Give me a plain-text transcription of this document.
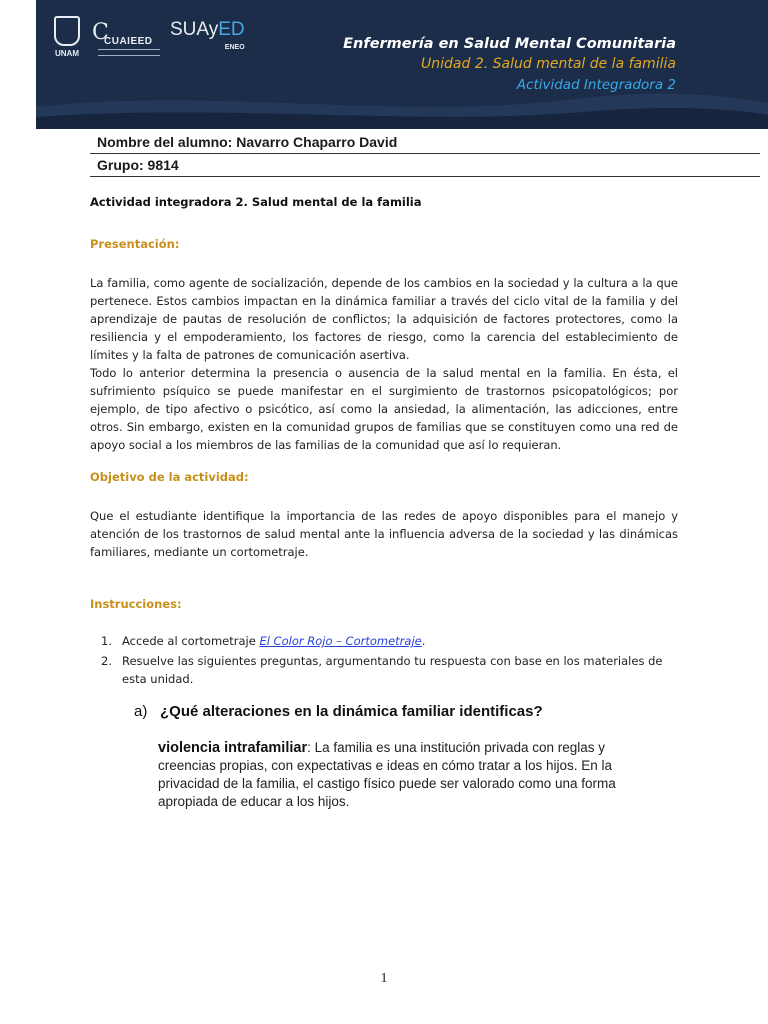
UNAM
C
CUAIEED
SUAyED
ENEO	Enfermería en Salud Mental Comunitaria
Unidad 2. Salud mental de la familia
Actividad Integradora 2
Nombre del alumno: Navarro Chaparro David
Grupo: 9814
Actividad integradora 2. Salud mental de la familia
Presentación:
La familia, como agente de socialización, depende de los cambios en la sociedad y la cultura a la que pertenece. Estos cambios impactan en la dinámica familiar a través del ciclo vital de la familia y del aprendizaje de pautas de resolución de conflictos; la adquisición de factores protectores, como la resiliencia y el empoderamiento, los factores de riesgo, como la carencia del establecimiento de límites y la falta de patrones de comunicación asertiva.
Todo lo anterior determina la presencia o ausencia de la salud mental en la familia. En ésta, el sufrimiento psíquico se puede manifestar en el surgimiento de trastornos psicopatológicos; por ejemplo, de tipo afectivo o psicótico, así como la ansiedad, la alimentación, las adicciones, entre otros. Sin embargo, existen en la comunidad grupos de familias que se constituyen como una red de apoyo social a los miembros de las familias de la comunidad que así lo requieran.
Objetivo de la actividad:
Que el estudiante identifique la importancia de las redes de apoyo disponibles para el manejo y atención de los trastornos de salud mental ante la influencia adversa de la sociedad y las dinámicas familiares, mediante un cortometraje.
Instrucciones:
1. Accede al cortometraje El Color Rojo – Cortometraje.
2. Resuelve las siguientes preguntas, argumentando tu respuesta con base en los materiales de esta unidad.
a) ¿Qué alteraciones en la dinámica familiar identificas?
violencia intrafamiliar: La familia es una institución privada con reglas y creencias propias, con expectativas e ideas en cómo tratar a los hijos. En la privacidad de la familia, el castigo físico puede ser valorado como una forma apropiada de educar a los hijos.
1
